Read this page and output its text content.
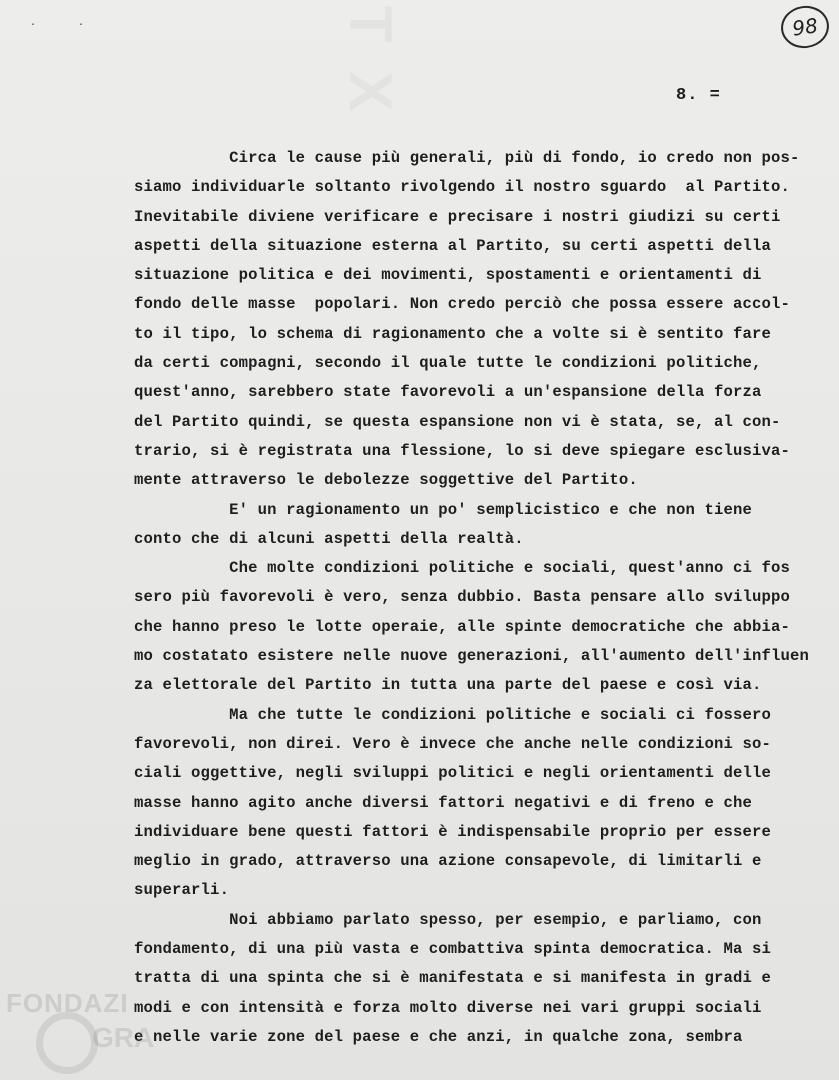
T X
· ·	98
8. =
Circa le cause più generali, più di fondo, io credo non pos-
siamo individuarle soltanto rivolgendo il nostro sguardo  al Partito.
Inevitabile diviene verificare e precisare i nostri giudizi su certi
aspetti della situazione esterna al Partito, su certi aspetti della
situazione politica e dei movimenti, spostamenti e orientamenti di
fondo delle masse  popolari. Non credo perciò che possa essere accol-
to il tipo, lo schema di ragionamento che a volte si è sentito fare
da certi compagni, secondo il quale tutte le condizioni politiche,
quest'anno, sarebbero state favorevoli a un'espansione della forza
del Partito quindi, se questa espansione non vi è stata, se, al con-
trario, si è registrata una flessione, lo si deve spiegare esclusiva-
mente attraverso le debolezze soggettive del Partito.
E' un ragionamento un po' semplicistico e che non tiene
conto che di alcuni aspetti della realtà.
Che molte condizioni politiche e sociali, quest'anno ci fos
sero più favorevoli è vero, senza dubbio. Basta pensare allo sviluppo
che hanno preso le lotte operaie, alle spinte democratiche che abbia-
mo costatato esistere nelle nuove generazioni, all'aumento dell'influen
za elettorale del Partito in tutta una parte del paese e così via.
Ma che tutte le condizioni politiche e sociali ci fossero
favorevoli, non direi. Vero è invece che anche nelle condizioni so-
ciali oggettive, negli sviluppi politici e negli orientamenti delle
masse hanno agito anche diversi fattori negativi e di freno e che
individuare bene questi fattori è indispensabile proprio per essere
meglio in grado, attraverso una azione consapevole, di limitarli e
superarli.
Noi abbiamo parlato spesso, per esempio, e parliamo, con
fondamento, di una più vasta e combattiva spinta democratica. Ma si
tratta di una spinta che si è manifestata e si manifesta in gradi e
modi e con intensità e forza molto diverse nei vari gruppi sociali
e nelle varie zone del paese e che anzi, in qualche zona, sembra
FONDAZI
GRA
